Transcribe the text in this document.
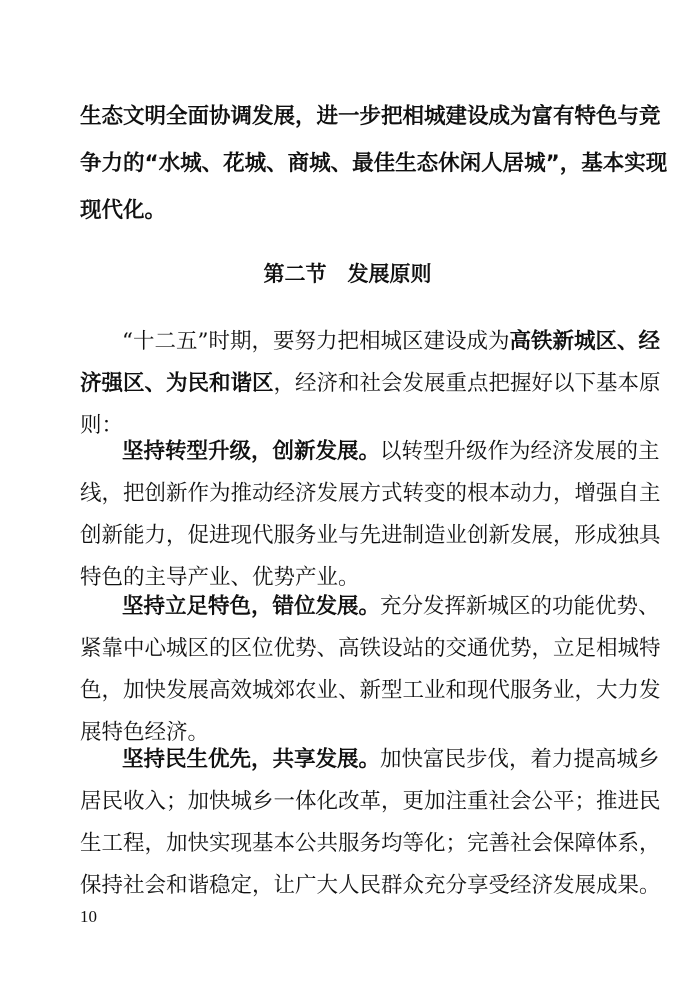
生态文明全面协调发展，进一步把相城建设成为富有特色与竞
争力的“水城、花城、商城、最佳生态休闲人居城”，基本实现
现代化。
第二节　发展原则
“十二五”时期，要努力把相城区建设成为高铁新城区、经
济强区、为民和谐区，经济和社会发展重点把握好以下基本原
则：
坚持转型升级，创新发展。以转型升级作为经济发展的主
线，把创新作为推动经济发展方式转变的根本动力，增强自主
创新能力，促进现代服务业与先进制造业创新发展，形成独具
特色的主导产业、优势产业。
坚持立足特色，错位发展。充分发挥新城区的功能优势、
紧靠中心城区的区位优势、高铁设站的交通优势，立足相城特
色，加快发展高效城郊农业、新型工业和现代服务业，大力发
展特色经济。
坚持民生优先，共享发展。加快富民步伐，着力提高城乡
居民收入；加快城乡一体化改革，更加注重社会公平；推进民
生工程，加快实现基本公共服务均等化；完善社会保障体系，
保持社会和谐稳定，让广大人民群众充分享受经济发展成果。
10
